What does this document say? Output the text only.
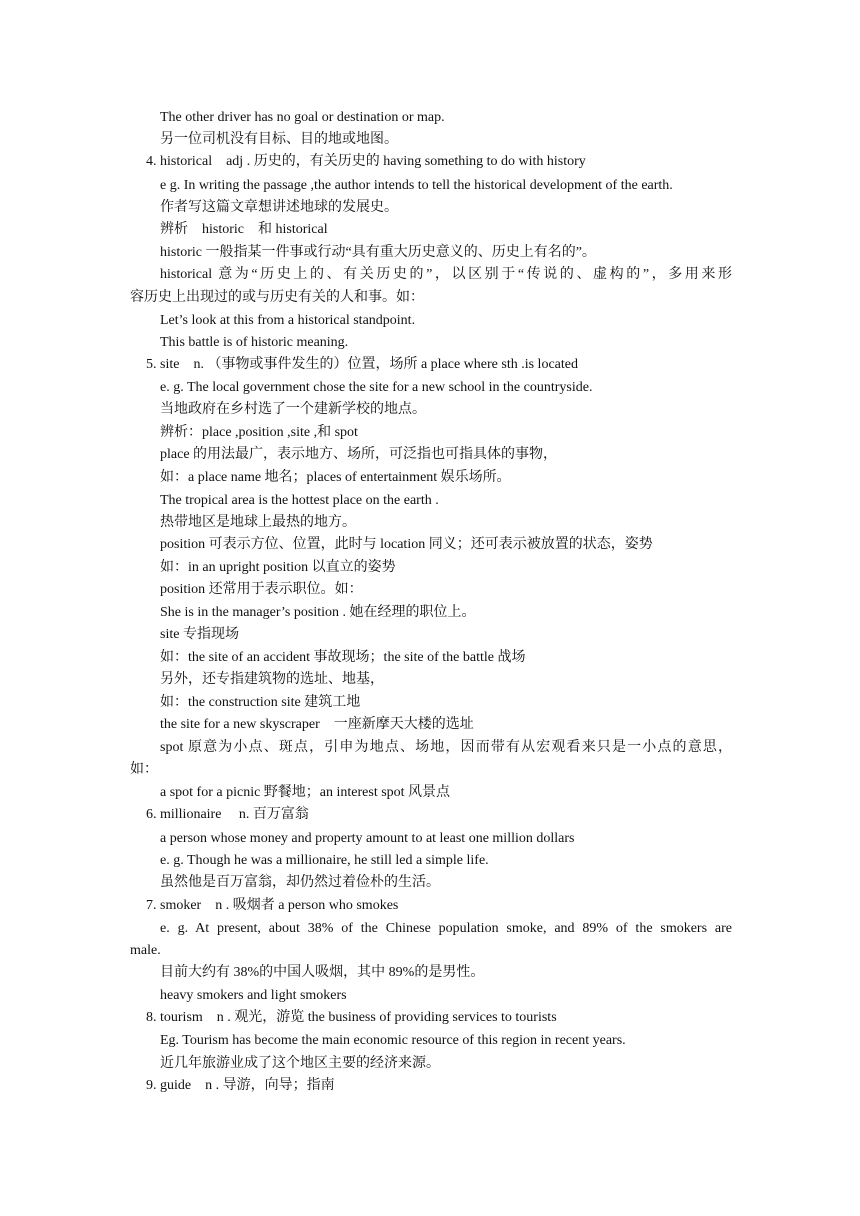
The other driver has no goal or destination or map.
另一位司机没有目标、目的地或地图。
4. historical　adj . 历史的，有关历史的 having something to do with history
e g. In writing the passage ,the author intends to tell the historical development of the earth.
作者写这篇文章想讲述地球的发展史。
辨析　historic　和 historical
historic 一般指某一件事或行动“具有重大历史意义的、历史上有名的”。
historical 意为“历史上的、有关历史的”，以区别于“传说的、虚构的”，多用来形
容历史上出现过的或与历史有关的人和事。如：
Let’s look at this from a historical standpoint.
This battle is of historic meaning.
5. site　n. （事物或事件发生的）位置，场所 a place where sth .is located
e. g. The local government chose the site for a new school in the countryside.
当地政府在乡村选了一个建新学校的地点。
辨析：place ,position ,site ,和 spot
place 的用法最广，表示地方、场所，可泛指也可指具体的事物，
如：a place name 地名；places of entertainment 娱乐场所。
The tropical area is the hottest place on the earth .
热带地区是地球上最热的地方。
position 可表示方位、位置，此时与 location 同义；还可表示被放置的状态，姿势
如：in an upright position 以直立的姿势
position 还常用于表示职位。如：
She is in the manager’s position . 她在经理的职位上。
site 专指现场
如：the site of an accident 事故现场；the site of the battle 战场
另外，还专指建筑物的选址、地基，
如：the construction site 建筑工地
the site for a new skyscraper　一座新摩天大楼的选址
spot 原意为小点、斑点，引申为地点、场地，因而带有从宏观看来只是一小点的意思，
如：
a spot for a picnic 野餐地；an interest spot 风景点
6. millionaire　 n. 百万富翁
a person whose money and property amount to at least one million dollars
e. g. Though he was a millionaire, he still led a simple life.
虽然他是百万富翁，却仍然过着俭朴的生活。
7. smoker　n . 吸烟者 a person who smokes
e. g. At present, about 38% of the Chinese population smoke, and 89% of the smokers are
male.
目前大约有 38%的中国人吸烟，其中 89%的是男性。
heavy smokers and light smokers
8. tourism　n . 观光，游览 the business of providing services to tourists
Eg. Tourism has become the main economic resource of this region in recent years.
近几年旅游业成了这个地区主要的经济来源。
9. guide　n . 导游，向导；指南
